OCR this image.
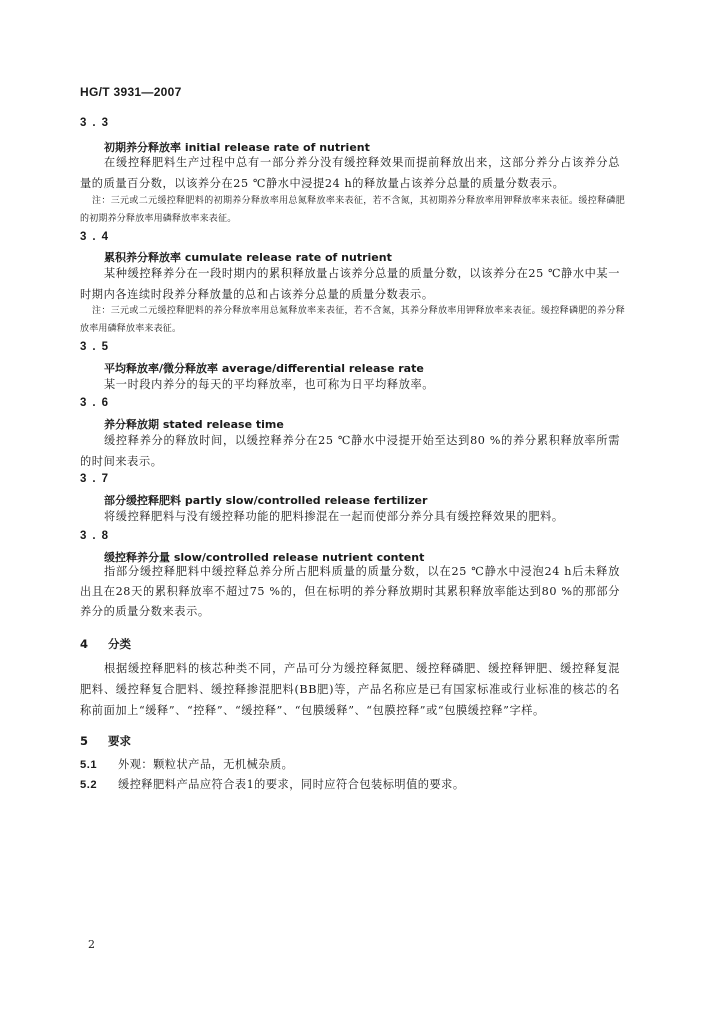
HG/T 3931—2007
3.3
初期养分释放率 initial release rate of nutrient
在缓控释肥料生产过程中总有一部分养分没有缓控释效果而提前释放出来，这部分养分占该养分总量的质量百分数，以该养分在25 ℃静水中浸提24 h的释放量占该养分总量的质量分数表示。
注：三元或二元缓控释肥料的初期养分释放率用总氮释放率来表征，若不含氮，其初期养分释放率用钾释放率来表征。缓控释磷肥的初期养分释放率用磷释放率来表征。
3.4
累积养分释放率 cumulate release rate of nutrient
某种缓控释养分在一段时期内的累积释放量占该养分总量的质量分数，以该养分在25 ℃静水中某一时期内各连续时段养分释放量的总和占该养分总量的质量分数表示。
注：三元或二元缓控释肥料的养分释放率用总氮释放率来表征，若不含氮，其养分释放率用钾释放率来表征。缓控释磷肥的养分释放率用磷释放率来表征。
3.5
平均释放率/微分释放率 average/differential release rate
某一时段内养分的每天的平均释放率，也可称为日平均释放率。
3.6
养分释放期 stated release time
缓控释养分的释放时间，以缓控释养分在25 ℃静水中浸提开始至达到80 %的养分累积释放率所需的时间来表示。
3.7
部分缓控释肥料 partly slow/controlled release fertilizer
将缓控释肥料与没有缓控释功能的肥料掺混在一起而使部分养分具有缓控释效果的肥料。
3.8
缓控释养分量 slow/controlled release nutrient content
指部分缓控释肥料中缓控释总养分所占肥料质量的质量分数，以在25 ℃静水中浸泡24 h后未释放出且在28天的累积释放率不超过75 %的，但在标明的养分释放期时其累积释放率能达到80 %的那部分养分的质量分数来表示。
4 分类
根据缓控释肥料的核芯种类不同，产品可分为缓控释氮肥、缓控释磷肥、缓控释钾肥、缓控释复混肥料、缓控释复合肥料、缓控释掺混肥料(BB肥)等，产品名称应是已有国家标准或行业标准的核芯的名称前面加上“缓释”、“控释”、“缓控释”、“包膜缓释”、“包膜控释”或“包膜缓控释”字样。
5 要求
5.1 外观：颗粒状产品，无机械杂质。
5.2 缓控释肥料产品应符合表1的要求，同时应符合包装标明值的要求。
2
